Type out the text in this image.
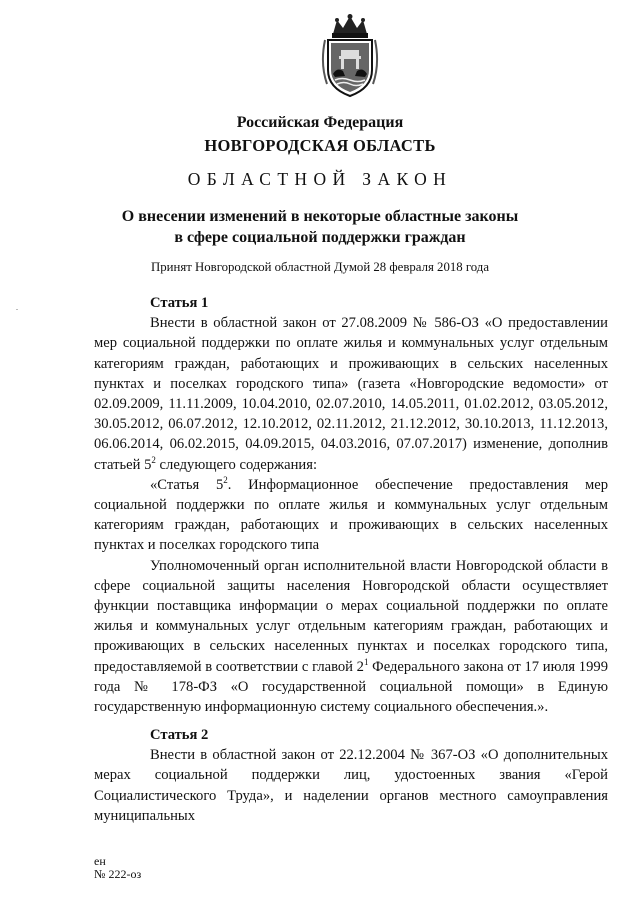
Российская Федерация
НОВГОРОДСКАЯ ОБЛАСТЬ
ОБЛАСТНОЙ ЗАКОН
О внесении изменений в некоторые областные законы
в сфере социальной поддержки граждан
Принят Новгородской областной Думой 28 февраля 2018 года
Статья 1

Внести в областной закон от 27.08.2009 № 586-ОЗ «О предоставлении мер социальной поддержки по оплате жилья и коммунальных услуг отдельным категориям граждан, работающих и проживающих в сельских населенных пунктах и поселках городского типа» (газета «Новгородские ведомости» от 02.09.2009, 11.11.2009, 10.04.2010, 02.07.2010, 14.05.2011, 01.02.2012, 03.05.2012, 30.05.2012, 06.07.2012, 12.10.2012, 02.11.2012, 21.12.2012, 30.10.2013, 11.12.2013, 06.06.2014, 06.02.2015, 04.09.2015, 04.03.2016, 07.07.2017) изменение, дополнив статьей $5^2$ следующего содержания:

«Статья $5^2$. Информационное обеспечение предоставления мер социальной поддержки по оплате жилья и коммунальных услуг отдельным категориям граждан, работающих и проживающих в сельских населенных пунктах и поселках городского типа

Уполномоченный орган исполнительной власти Новгородской области в сфере социальной защиты населения Новгородской области осуществляет функции поставщика информации о мерах социальной поддержки по оплате жилья и коммунальных услуг отдельным категориям граждан, работающих и проживающих в сельских населенных пунктах и поселках городского типа, предоставляемой в соответствии с главой $2^1$ Федерального закона от 17 июля 1999 года № 178-ФЗ «О государственной социальной помощи» в Единую государственную информационную систему социального обеспечения.».

Статья 2

Внести в областной закон от 22.12.2004 № 367-ОЗ «О дополнительных мерах социальной поддержки лиц, удостоенных звания «Герой Социалистического Труда», и наделении органов местного самоуправления муниципальных

ен
№ 222-оз
